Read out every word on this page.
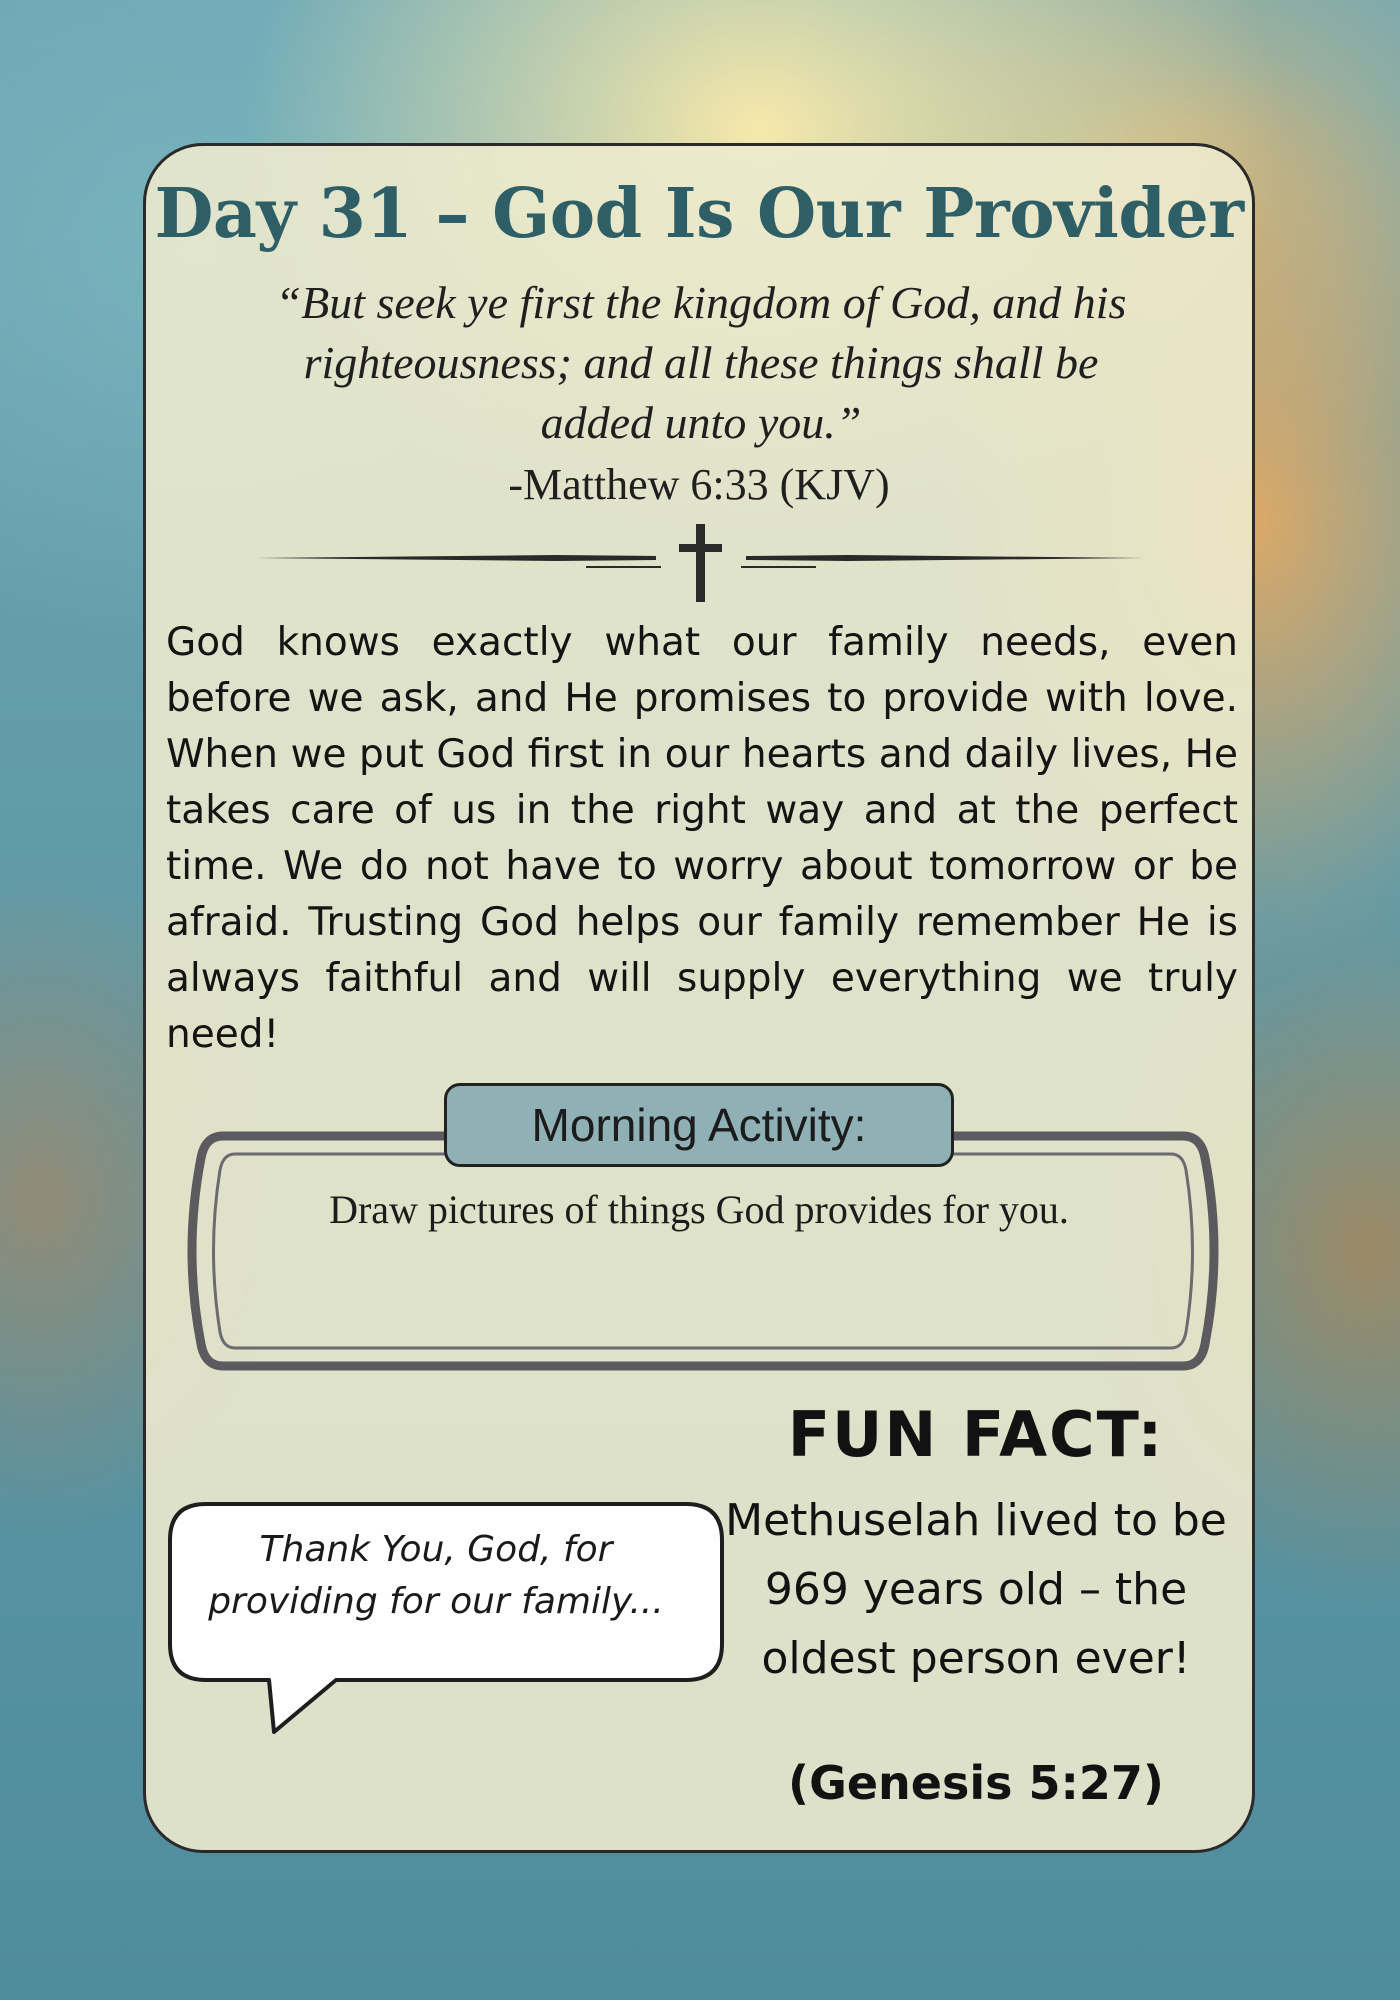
Day 31 – God Is Our Provider

“But seek ye first the kingdom of God, and his righteousness; and all these things shall be added unto you.”

-Matthew 6:33 (KJV)

God knows exactly what our family needs, even before we ask, and He promises to provide with love. When we put God first in our hearts and daily lives, He takes care of us in the right way and at the perfect time. We do not have to worry about tomorrow or be afraid. Trusting God helps our family remember He is always faithful and will supply everything we truly need!

Morning Activity:
Draw pictures of things God provides for you.

Thank You, God, for providing for our family...

FUN FACT:

Methuselah lived to be 969 years old – the oldest person ever!

(Genesis 5:27)
